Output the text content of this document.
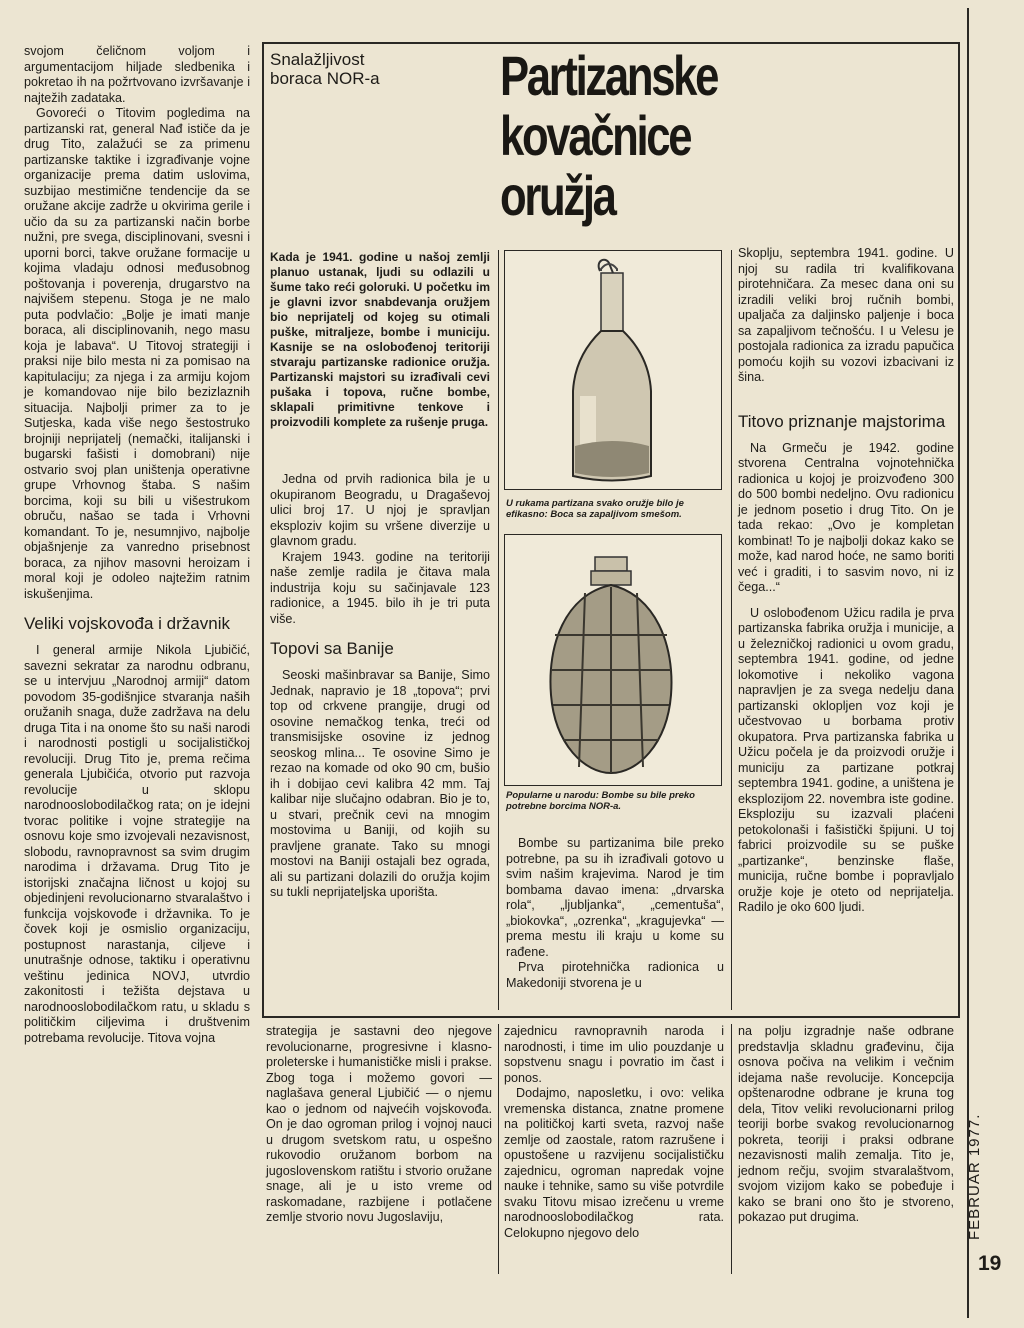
svojom čeličnom voljom i argumentacijom hiljade sledbenika i pokretao ih na požrtvovano izvršavanje i najtežih zadataka.

Govoreći o Titovim pogledima na partizanski rat, general Nađ ističe da je drug Tito, zalažući se za primenu partizanske taktike i izgrađivanje vojne organizacije prema datim uslovima, suzbijao mestimične tendencije da se oružane akcije zadrže u okvirima gerile i učio da su za partizanski način borbe nužni, pre svega, disciplinovani, svesni i uporni borci, takve oružane formacije u kojima vladaju odnosi međusobnog poštovanja i poverenja, drugarstvo na najvišem stepenu. Stoga je ne malo puta podvlačio: „Bolje je imati manje boraca, ali disciplinovanih, nego masu koja je labava“. U Titovoj strategiji i praksi nije bilo mesta ni za pomisao na kapitulaciju; za njega i za armiju kojom je komandovao nije bilo bezizlaznih situacija. Najbolji primer za to je Sutjeska, kada više nego šestostruko brojniji neprijatelj (nemački, italijanski i bugarski fašisti i domobrani) nije ostvario svoj plan uništenja operativne grupe Vrhovnog štaba. S našim borcima, koji su bili u višestrukom obruču, našao se tada i Vrhovni komandant. To je, nesumnjivo, najbolje objašnjenje za vanredno prisebnost boraca, za njihov masovni heroizam i moral koji je odoleo najtežim ratnim iskušenjima.

Veliki vojskovođa i državnik

I general armije Nikola Ljubičić, savezni sekratar za narodnu odbranu, se u intervjuu „Narodnoj armiji“ datom povodom 35-godišnjice stvaranja naših oružanih snaga, duže zadržava na delu druga Tita i na onome što su naši narodi i narodnosti postigli u socijalističkoj revoluciji. Drug Tito je, prema rečima generala Ljubičića, otvorio put razvoja revolucije u sklopu narodnooslobodilačkog rata; on je idejni tvorac politike i vojne strategije na osnovu koje smo izvojevali nezavisnost, slobodu, ravnopravnost sa svim drugim narodima i državama. Drug Tito je istorijski značajna ličnost u kojoj su objedinjeni revolucionarno stvaralaštvo i funkcija vojskovođe i državnika. To je čovek koji je osmislio organizaciju, postupnost narastanja, ciljeve i unutrašnje odnose, taktiku i operativnu veštinu jedinica NOVJ, utvrdio zakonitosti i težišta dejstava u narodnooslobodilačkom ratu, u skladu s političkim ciljevima i društvenim potrebama revolucije. Titova vojna

Snalažljivost boraca NOR-a	Partizanske kovačnice oružja

Kada je 1941. godine u našoj zemlji planuo ustanak, ljudi su odlazili u šume tako reći goloruki. U početku im je glavni izvor snabdevanja oružjem bio neprijatelj od kojeg su otimali puške, mitraljeze, bombe i municiju. Kasnije se na oslobođenoj teritoriji stvaraju partizanske radionice oružja. Partizanski majstori su izrađivali cevi pušaka i topova, ručne bombe, sklapali primitivne tenkove i proizvodili komplete za rušenje pruga.

Jedna od prvih radionica bila je u okupiranom Beogradu, u Dragaševoj ulici broj 17. U njoj je spravljan eksploziv kojim su vršene diverzije u glavnom gradu.

Krajem 1943. godine na teritoriji naše zemlje radila je čitava mala industrija koju su sačinjavale 123 radionice, a 1945. bilo ih je tri puta više.

Topovi sa Banije

Seoski mašinbravar sa Banije, Simo Jednak, napravio je 18 „topova“; prvi top od crkvene prangije, drugi od osovine nemačkog tenka, treći od transmisijske osovine iz jednog seoskog mlina... Te osovine Simo je rezao na komade od oko 90 cm, bušio ih i dobijao cevi kalibra 42 mm. Taj kalibar nije slučajno odabran. Bio je to, u stvari, prečnik cevi na mnogim mostovima u Baniji, od kojih su pravljene granate. Tako su mnogi mostovi na Baniji ostajali bez ograda, ali su partizani dolazili do oružja kojim su tukli neprijateljska uporišta.

U rukama partizana svako oružje bilo je efikasno: Boca sa zapaljivom smešom.
Popularne u narodu: Bombe su bile preko potrebne borcima NOR-a.

Bombe su partizanima bile preko potrebne, pa su ih izrađivali gotovo u svim našim krajevima. Narod je tim bombama davao imena: „drvarska rola“, „ljubljanka“, „cementuša“, „biokovka“, „ozrenka“, „kragujevka“ — prema mestu ili kraju u kome su rađene.

Prva pirotehnička radionica u Makedoniji stvorena je u

Skoplju, septembra 1941. godine. U njoj su radila tri kvalifikovana pirotehničara. Za mesec dana oni su izradili veliki broj ručnih bombi, upaljača za daljinsko paljenje i boca sa zapaljivom tečnošću. I u Velesu je postojala radionica za izradu papučica pomoću kojih su vozovi izbacivani iz šina.

Titovo priznanje majstorima

Na Grmeču je 1942. godine stvorena Centralna vojnotehnička radionica u kojoj je proizvođeno 300 do 500 bombi nedeljno. Ovu radionicu je jednom posetio i drug Tito. On je tada rekao: „Ovo je kompletan kombinat! To je najbolji dokaz kako se može, kad narod hoće, ne samo boriti već i graditi, i to sasvim novo, ni iz čega...“

U oslobođenom Užicu radila je prva partizanska fabrika oružja i municije, a u železničkoj radionici u ovom gradu, septembra 1941. godine, od jedne lokomotive i nekoliko vagona napravljen je za svega nedelju dana partizanski oklopljen voz koji je učestvovao u borbama protiv okupatora. Prva partizanska fabrika u Užicu počela je da proizvodi oružje i municiju za partizane potkraj septembra 1941. godine, a uništena je eksplozijom 22. novembra iste godine. Eksploziju su izazvali plaćeni petokolonaši i fašistički špijuni. U toj fabrici proizvodile su se puške „partizanke“, benzinske flaše, municija, ručne bombe i popravljalo oružje koje je oteto od neprijatelja. Radilo je oko 600 ljudi.

strategija je sastavni deo njegove revolucionarne, progresivne i klasno-proleterske i humanističke misli i prakse. Zbog toga i možemo govori — naglašava general Ljubičić — o njemu kao o jednom od najvećih vojskovođa. On je dao ogroman prilog i vojnoj nauci u drugom svetskom ratu, u ospešno rukovodio oružanom borbom na jugoslovenskom ratištu i stvorio oružane snage, ali je u isto vreme od raskomadane, razbijene i potlačene zemlje stvorio novu Jugoslaviju,

zajednicu ravnopravnih naroda i narodnosti, i time im ulio pouzdanje u sopstvenu snagu i povratio im čast i ponos.

Dodajmo, naposletku, i ovo: velika vremenska distanca, znatne promene na političkoj karti sveta, razvoj naše zemlje od zaostale, ratom razrušene i opustošene u razvijenu socijalističku zajednicu, ogroman napredak vojne nauke i tehnike, samo su više potvrdile svaku Titovu misao izrečenu u vreme narodnooslobodilačkog rata. Celokupno njegovo delo

na polju izgradnje naše odbrane predstavlja skladnu građevinu, čija osnova počiva na velikim i večnim idejama naše revolucije. Koncepcija opštenarodne odbrane je kruna tog dela, Titov veliki revolucionarni prilog teoriji borbe svakog revolucionarnog pokreta, teoriji i praksi odbrane nezavisnosti malih zemalja. Tito je, jednom rečju, svojim stvaralaštvom, svojom vizijom kako se pobeđuje i kako se brani ono što je stvoreno, pokazao put drugima.	FEBRUAR 1977.
19
